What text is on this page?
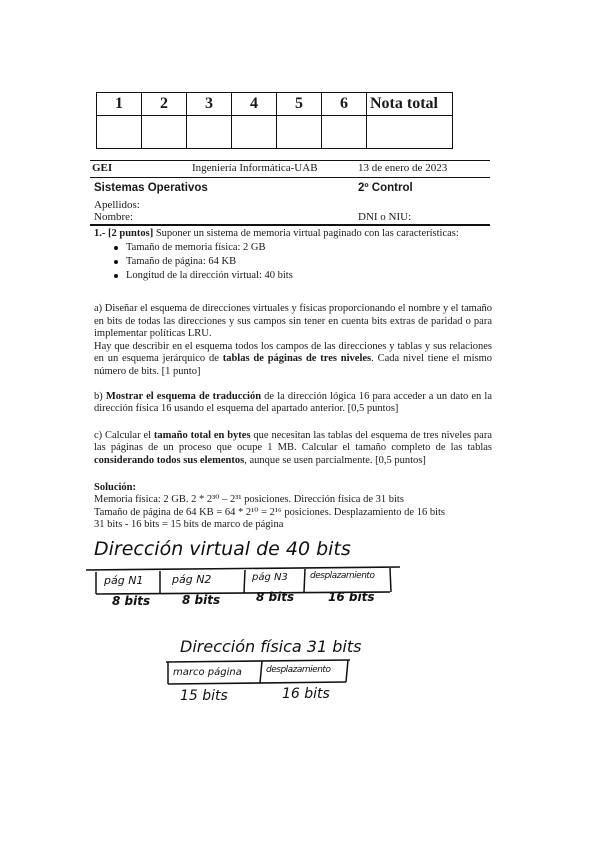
1	2	3	4	5	6	Nota total

GEI	Ingeniería Informática-UAB	13 de enero de 2023
Sistemas Operativos	2º Control
Apellidos:
Nombre:	DNI o NIU:
1.- [2 puntos] Suponer un sistema de memoria virtual paginado con las características:
Tamaño de memoria física: 2 GB
Tamaño de página: 64 KB
Longitud de la dirección virtual: 40 bits

a) Diseñar el esquema de direcciones virtuales y físicas proporcionando el nombre y el tamaño en bits de todas las direcciones y sus campos sin tener en cuenta bits extras de paridad o para implementar políticas LRU.

Hay que describir en el esquema todos los campos de las direcciones y tablas y sus relaciones en un esquema jerárquico de tablas de páginas de tres niveles. Cada nivel tiene el mismo número de bits. [1 punto]

b) Mostrar el esquema de traducción de la dirección lógica 16 para acceder a un dato en la dirección física 16 usando el esquema del apartado anterior. [0,5 puntos]

c) Calcular el tamaño total en bytes que necesitan las tablas del esquema de tres niveles para las páginas de un proceso que ocupe 1 MB. Calcular el tamaño completo de las tablas considerando todos sus elementos, aunque se usen parcialmente. [0,5 puntos]

Solución:
Memoria física: 2 GB. 2 * 2³⁰ – 2³¹ posiciones. Dirección física de 31 bits
Tamaño de página de 64 KB = 64 * 2¹⁰ = 2¹⁶ posiciones. Desplazamiento de 16 bits
31 bits - 16 bits = 15 bits de marco de página
Dirección virtual de 40 bits
pág N1	pág N2	pág N3 desplazamiento
8 bits	8 bits	8 bits	16 bits
Dirección física 31 bits
marco página	desplazamiento
15 bits	16 bits
